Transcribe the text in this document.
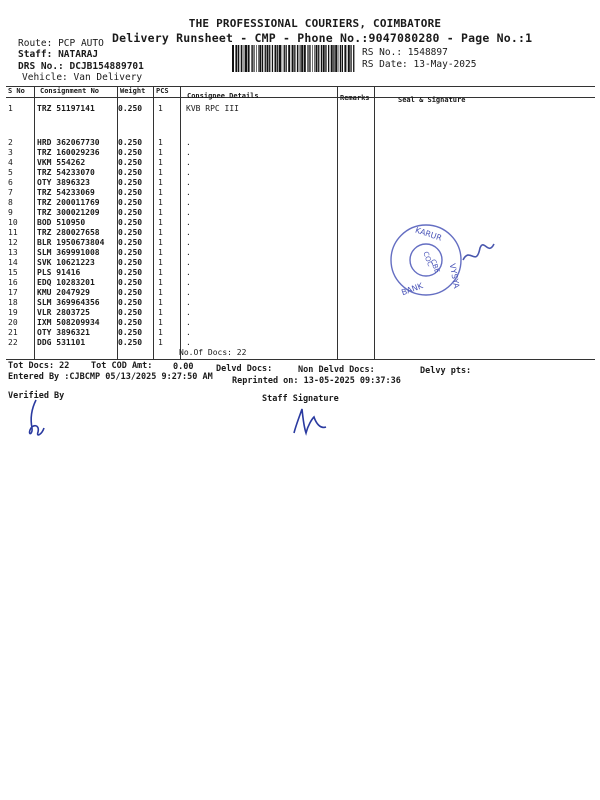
THE PROFESSIONAL COURIERS, COIMBATORE
Delivery Runsheet - CMP - Phone No.:9047080280 - Page No.:1
Route: PCP AUTO
Staff: NATARAJ
DRS No.: DCJB154889701
Vehicle: Van Delivery
RS No.: 1548897
RS Date: 13-May-2025
S No Consignment No	Weight PCS
Consignee Details	Remarks	Seal & Signature
1	TRZ 51197141	0.250 1	KVB RPC III
2	HRD 362067730 0.250 1	.
3	TRZ 160029236 0.250 1	.
4	VKM 554262	0.250 1	.
5	TRZ 54233070	0.250 1	.
6	OTY 3896323	0.250 1	.
7	TRZ 54233069	0.250 1	.
8	TRZ 200011769 0.250 1	.
9	TRZ 300021209 0.250 1	.
10 BOD 510950	0.250 1	.
11 TRZ 280027658 0.250 1	.
12 BLR 1950673804 0.250 1	.
13 SLM 369991008 0.250 1	.
14 SVK 10621223	0.250 1	.
15 PLS 91416	0.250 1	.
16 EDQ 10283201	0.250 1	.
17 KMU 2047929	0.250 1	.
18 SLM 369964356 0.250 1	.
19 VLR 2803725	0.250 1	.
20 IXM 508209934 0.250 1	.
21 OTY 3896321	0.250 1	.
22 DDG 531101	0.250 1	.
No.Of Docs: 22
KARUR
VYSYA
BANK
COC
CBE
Tot Docs: 22	Tot COD Amt: 0.00	Delvd Docs:	Non Delvd Docs:	Delvy pts:
Entered By :CJBCMP 05/13/2025 9:27:50 AM Reprinted on: 13-05-2025 09:37:36
Verified By	Staff Signature
